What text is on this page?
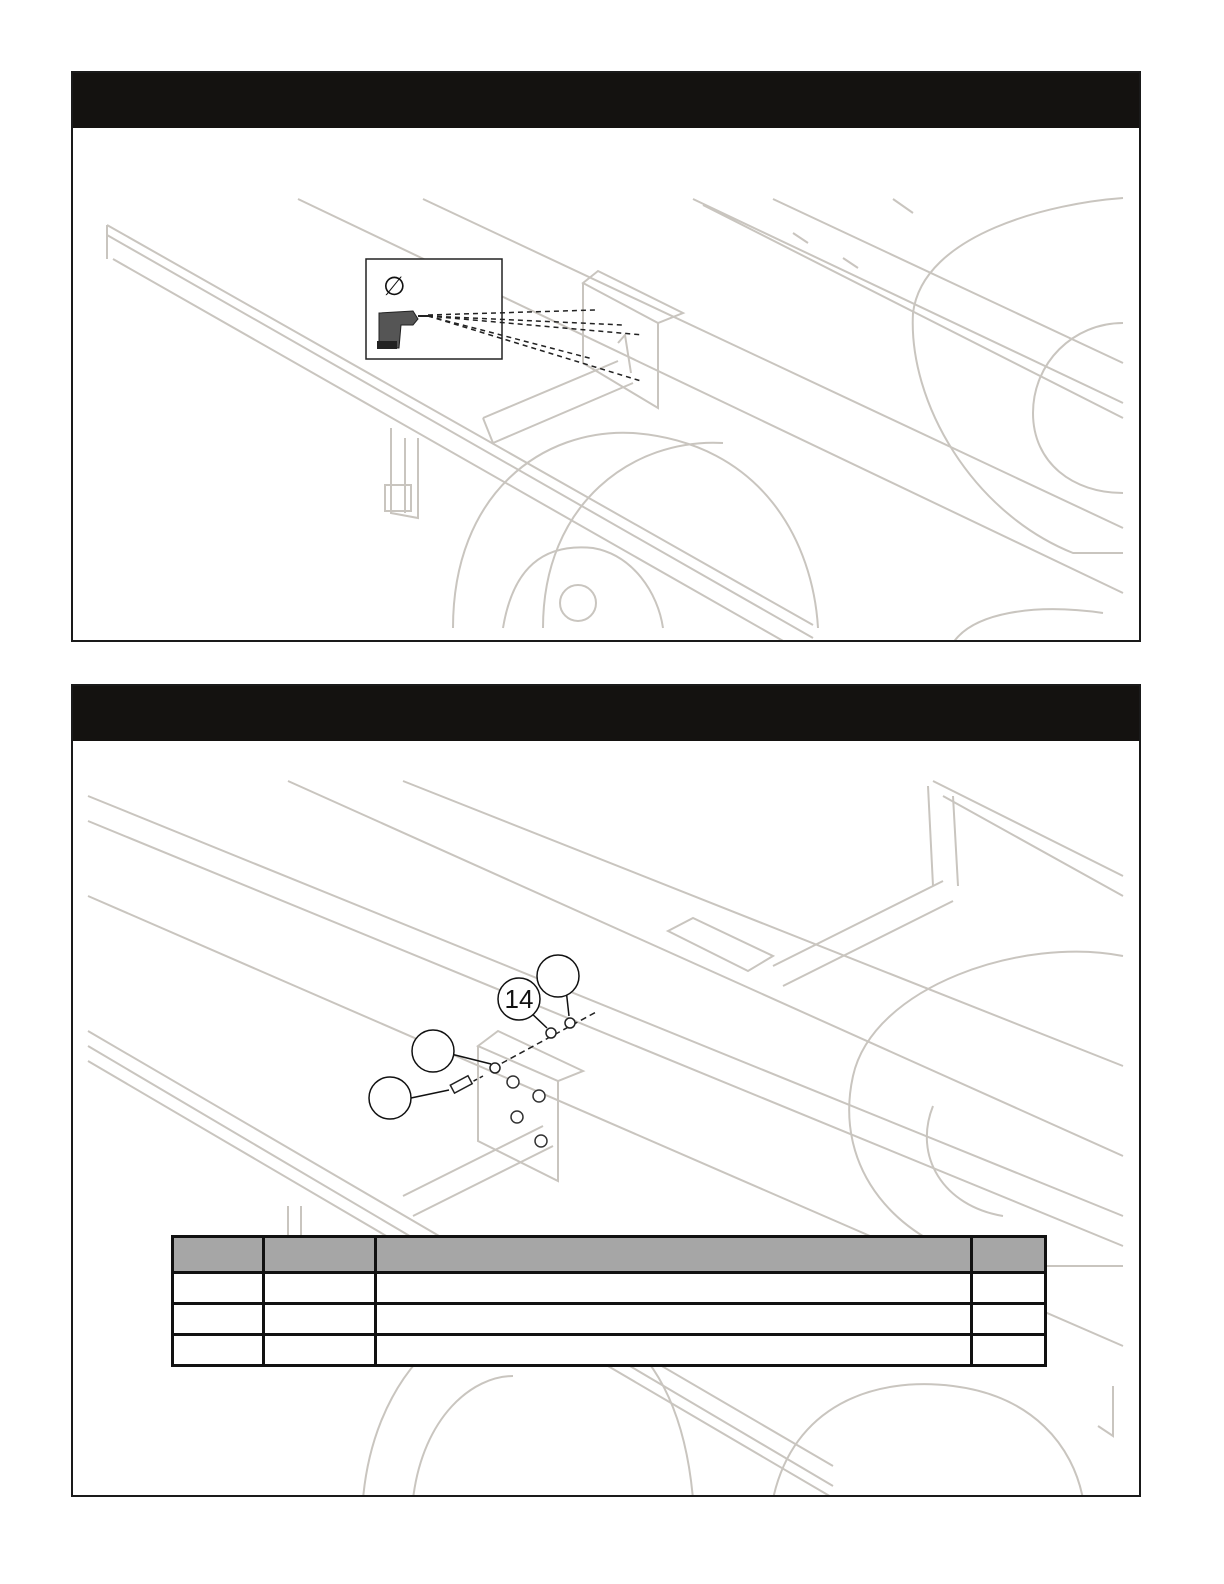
∅
14
